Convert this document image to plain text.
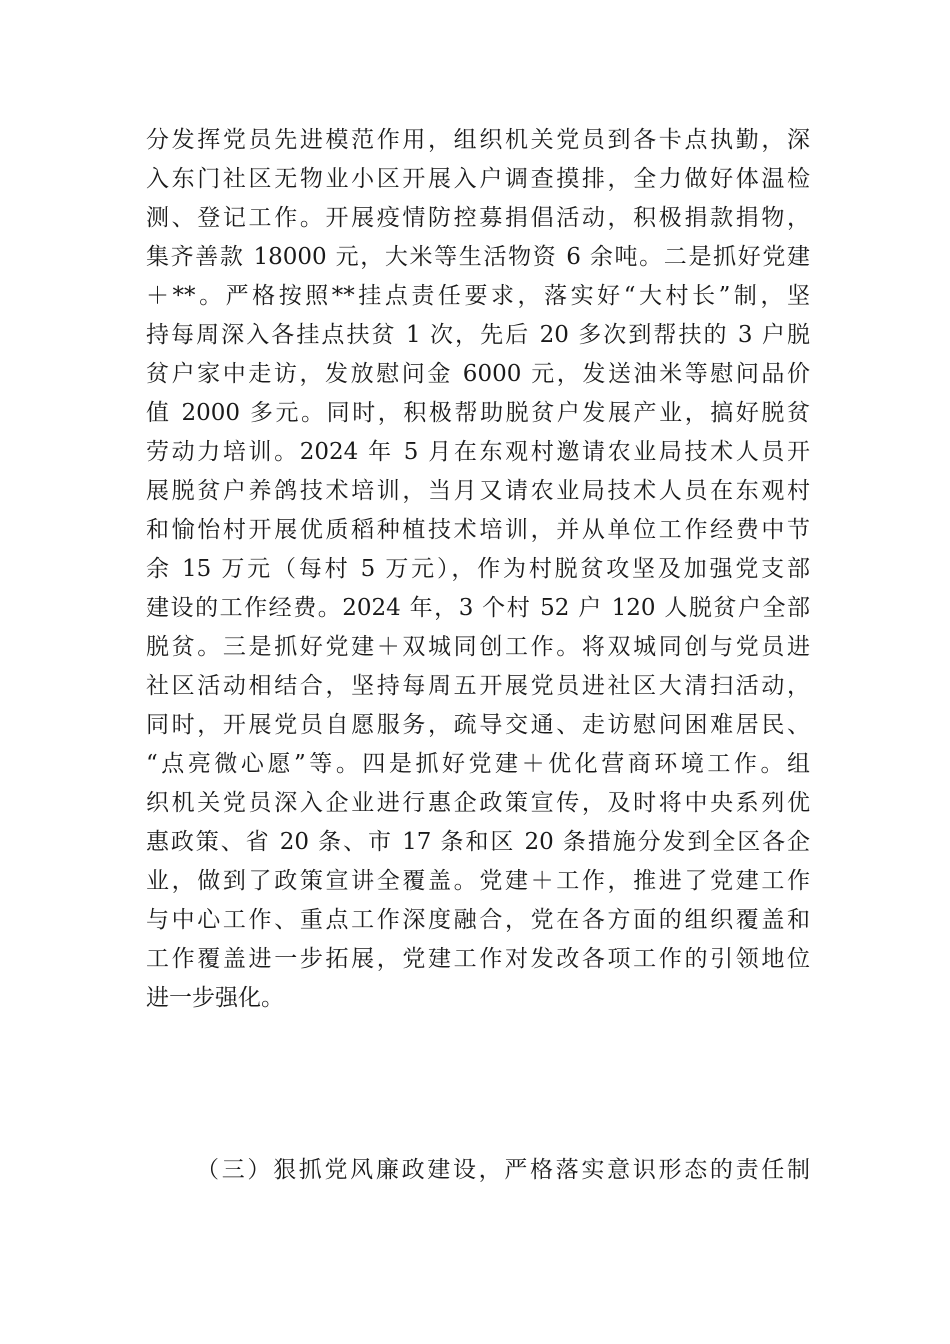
分发挥党员先进模范作用，组织机关党员到各卡点执勤，深
入东门社区无物业小区开展入户调查摸排，全力做好体温检
测、登记工作。开展疫情防控募捐倡活动，积极捐款捐物，
集齐善款 18000 元，大米等生活物资 6 余吨。二是抓好党建
＋**。严格按照**挂点责任要求，落实好“大村长”制，坚
持每周深入各挂点扶贫 1 次，先后 20 多次到帮扶的 3 户脱
贫户家中走访，发放慰问金 6000 元，发送油米等慰问品价
值 2000 多元。同时，积极帮助脱贫户发展产业，搞好脱贫
劳动力培训。2024 年 5 月在东观村邀请农业局技术人员开
展脱贫户养鸽技术培训，当月又请农业局技术人员在东观村
和愉怡村开展优质稻种植技术培训，并从单位工作经费中节
余 15 万元（每村 5 万元），作为村脱贫攻坚及加强党支部
建设的工作经费。2024 年，3 个村 52 户 120 人脱贫户全部
脱贫。三是抓好党建＋双城同创工作。将双城同创与党员进
社区活动相结合，坚持每周五开展党员进社区大清扫活动，
同时，开展党员自愿服务，疏导交通、走访慰问困难居民、
“点亮微心愿”等。四是抓好党建＋优化营商环境工作。组
织机关党员深入企业进行惠企政策宣传，及时将中央系列优
惠政策、省 20 条、市 17 条和区 20 条措施分发到全区各企
业，做到了政策宣讲全覆盖。党建＋工作，推进了党建工作
与中心工作、重点工作深度融合，党在各方面的组织覆盖和
工作覆盖进一步拓展，党建工作对发改各项工作的引领地位
进一步强化。
（三）狠抓党风廉政建设，严格落实意识形态的责任制
